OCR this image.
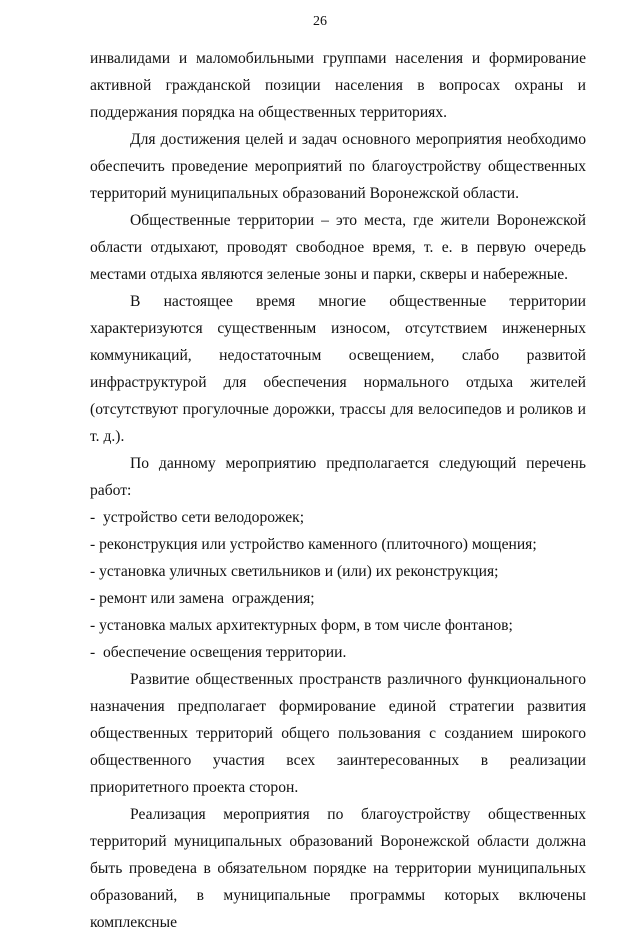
26

инвалидами и маломобильными группами населения и формирование активной гражданской позиции населения в вопросах охраны и поддержания порядка на общественных территориях.

Для достижения целей и задач основного мероприятия необходимо обеспечить проведение мероприятий по благоустройству общественных территорий муниципальных образований Воронежской области.

Общественные территории – это места, где жители Воронежской области отдыхают, проводят свободное время, т. е. в первую очередь местами отдыха являются зеленые зоны и парки, скверы и набережные.

В настоящее время многие общественные территории характеризуются существенным износом, отсутствием инженерных коммуникаций, недостаточным освещением, слабо развитой инфраструктурой для обеспечения нормального отдыха жителей (отсутствуют прогулочные дорожки, трассы для велосипедов и роликов и т. д.).

По данному мероприятию предполагается следующий перечень работ:

-  устройство сети велодорожек;

- реконструкция или устройство каменного (плиточного) мощения;

- установка уличных светильников и (или) их реконструкция;

- ремонт или замена  ограждения;

- установка малых архитектурных форм, в том числе фонтанов;

-  обеспечение освещения территории.

Развитие общественных пространств различного функционального назначения предполагает формирование единой стратегии развития общественных территорий общего пользования с созданием широкого общественного участия всех заинтересованных в реализации приоритетного проекта сторон.

Реализация мероприятия по благоустройству общественных территорий муниципальных образований Воронежской области должна быть проведена в обязательном порядке на территории муниципальных образований, в муниципальные программы которых включены комплексные
